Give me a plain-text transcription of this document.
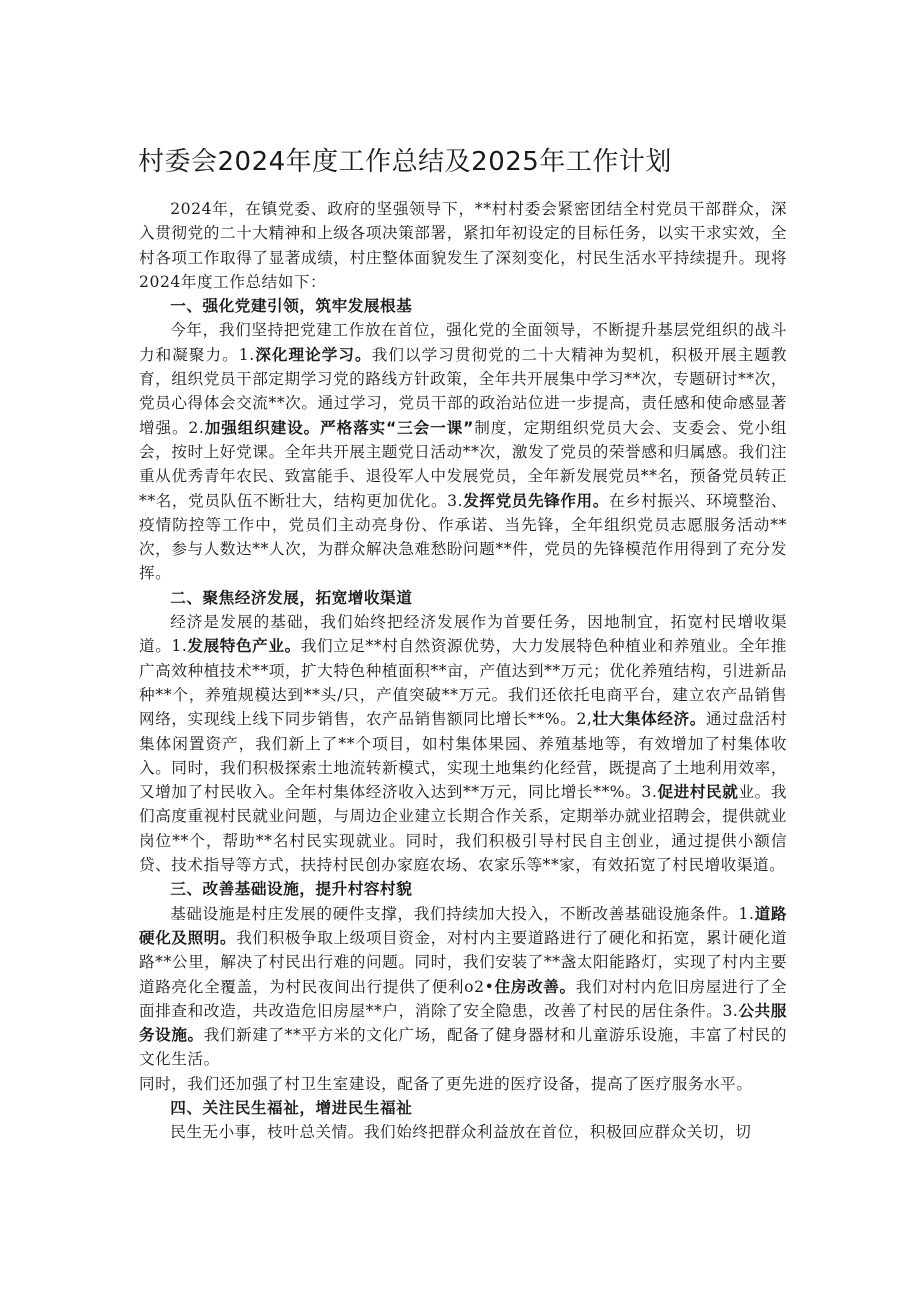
村委会2024年度工作总结及2025年工作计划

2024年，在镇党委、政府的坚强领导下，**村村委会紧密团结全村党员干部群众，深入贯彻党的二十大精神和上级各项决策部署，紧扣年初设定的目标任务，以实干求实效，全村各项工作取得了显著成绩，村庄整体面貌发生了深刻变化，村民生活水平持续提升。现将2024年度工作总结如下：

一、强化党建引领，筑牢发展根基

今年，我们坚持把党建工作放在首位，强化党的全面领导，不断提升基层党组织的战斗力和凝聚力。1.深化理论学习。我们以学习贯彻党的二十大精神为契机，积极开展主题教育，组织党员干部定期学习党的路线方针政策，全年共开展集中学习**次，专题研讨**次，党员心得体会交流**次。通过学习，党员干部的政治站位进一步提高，责任感和使命感显著增强。2.加强组织建设。严格落实“三会一课”制度，定期组织党员大会、支委会、党小组会，按时上好党课。全年共开展主题党日活动**次，激发了党员的荣誉感和归属感。我们注重从优秀青年农民、致富能手、退役军人中发展党员，全年新发展党员**名，预备党员转正**名，党员队伍不断壮大，结构更加优化。3.发挥党员先锋作用。在乡村振兴、环境整治、疫情防控等工作中，党员们主动亮身份、作承诺、当先锋，全年组织党员志愿服务活动**次，参与人数达**人次，为群众解决急难愁盼问题**件，党员的先锋模范作用得到了充分发挥。

二、聚焦经济发展，拓宽增收渠道

经济是发展的基础，我们始终把经济发展作为首要任务，因地制宜，拓宽村民增收渠道。1.发展特色产业。我们立足**村自然资源优势，大力发展特色种植业和养殖业。全年推广高效种植技术**项，扩大特色种植面积**亩，产值达到**万元；优化养殖结构，引进新品种**个，养殖规模达到**头/只，产值突破**万元。我们还依托电商平台，建立农产品销售网络，实现线上线下同步销售，农产品销售额同比增长**%。2,壮大集体经济。通过盘活村集体闲置资产，我们新上了**个项目，如村集体果园、养殖基地等，有效增加了村集体收入。同时，我们积极探索土地流转新模式，实现土地集约化经营，既提高了土地利用效率，又增加了村民收入。全年村集体经济收入达到**万元，同比增长**%。3.促进村民就业。我们高度重视村民就业问题，与周边企业建立长期合作关系，定期举办就业招聘会，提供就业岗位**个，帮助**名村民实现就业。同时，我们积极引导村民自主创业，通过提供小额信贷、技术指导等方式，扶持村民创办家庭农场、农家乐等**家，有效拓宽了村民增收渠道。

三、改善基础设施，提升村容村貌

基础设施是村庄发展的硬件支撑，我们持续加大投入，不断改善基础设施条件。1.道路硬化及照明。我们积极争取上级项目资金，对村内主要道路进行了硬化和拓宽，累计硬化道路**公里，解决了村民出行难的问题。同时，我们安装了**盏太阳能路灯，实现了村内主要道路亮化全覆盖，为村民夜间出行提供了便利o2•住房改善。我们对村内危旧房屋进行了全面排查和改造，共改造危旧房屋**户，消除了安全隐患，改善了村民的居住条件。3.公共服务设施。我们新建了**平方米的文化广场，配备了健身器材和儿童游乐设施，丰富了村民的文化生活。

同时，我们还加强了村卫生室建设，配备了更先进的医疗设备，提高了医疗服务水平。

四、关注民生福祉，增进民生福祉

民生无小事，枝叶总关情。我们始终把群众利益放在首位，积极回应群众关切，切
